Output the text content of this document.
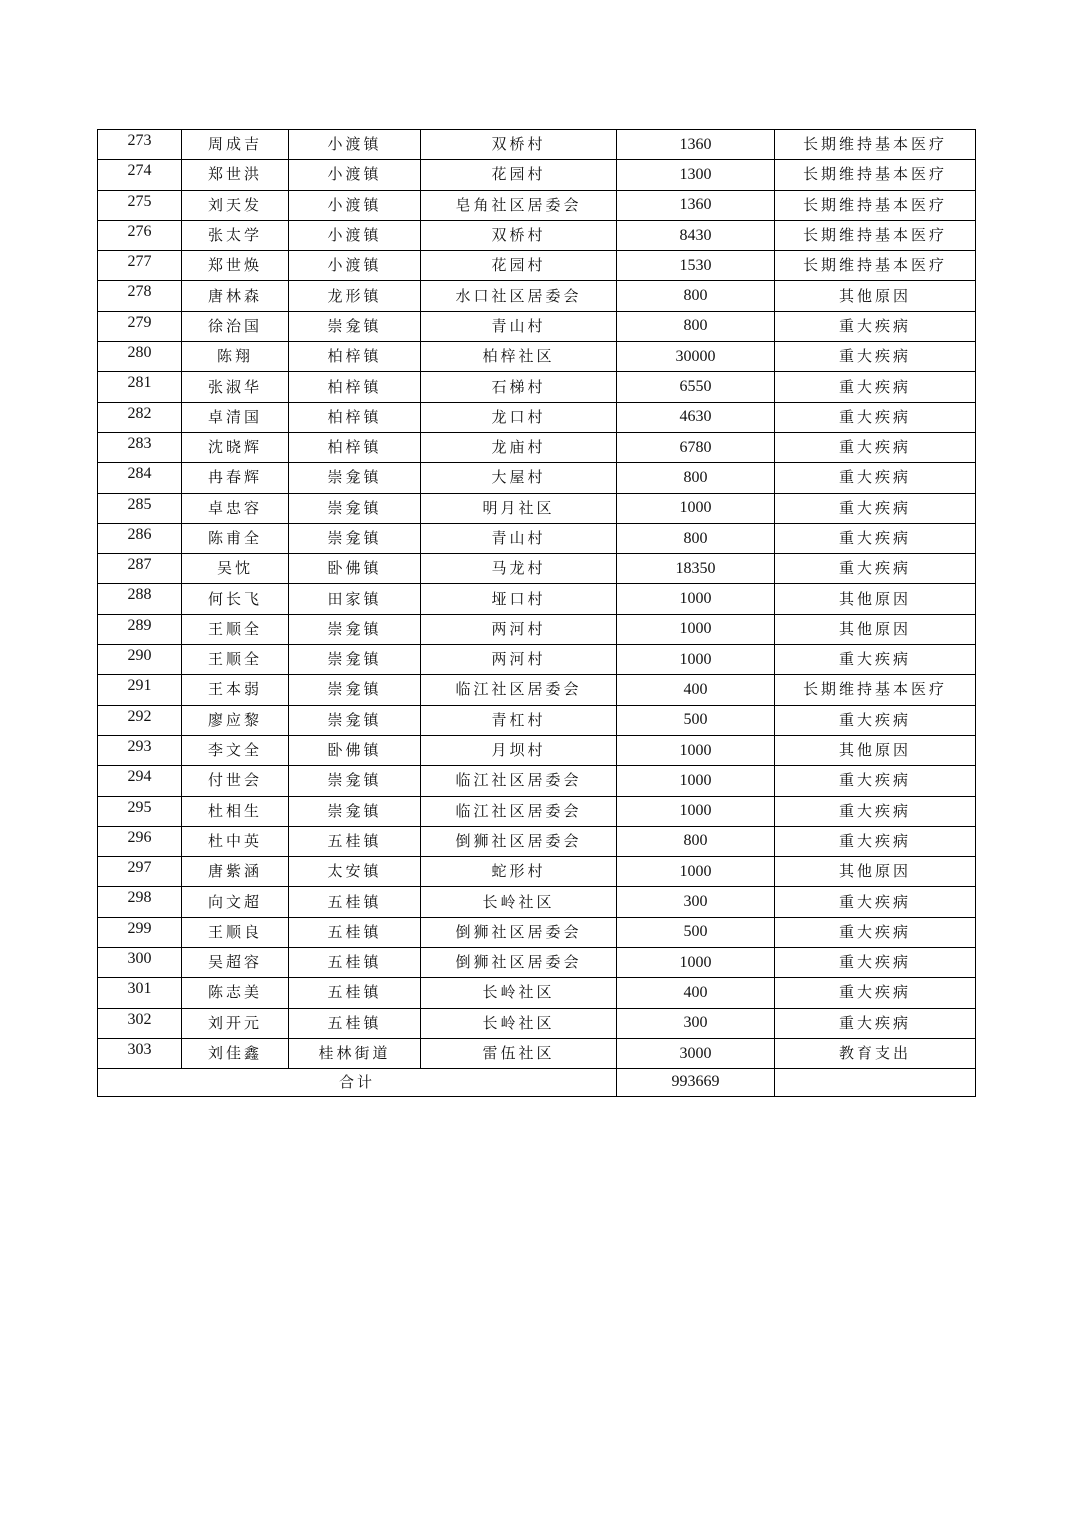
273	周成吉	小渡镇	双桥村	1360	长期维持基本医疗
274	郑世洪	小渡镇	花园村	1300	长期维持基本医疗
275	刘天发	小渡镇	皂角社区居委会	1360	长期维持基本医疗
276	张太学	小渡镇	双桥村	8430	长期维持基本医疗
277	郑世焕	小渡镇	花园村	1530	长期维持基本医疗
278	唐林森	龙形镇	水口社区居委会	800	其他原因
279	徐治国	崇龛镇	青山村	800	重大疾病
280	陈翔	柏梓镇	柏梓社区	30000	重大疾病
281	张淑华	柏梓镇	石梯村	6550	重大疾病
282	卓清国	柏梓镇	龙口村	4630	重大疾病
283	沈晓辉	柏梓镇	龙庙村	6780	重大疾病
284	冉春辉	崇龛镇	大屋村	800	重大疾病
285	卓忠容	崇龛镇	明月社区	1000	重大疾病
286	陈甫全	崇龛镇	青山村	800	重大疾病
287	吴忱	卧佛镇	马龙村	18350	重大疾病
288	何长飞	田家镇	垭口村	1000	其他原因
289	王顺全	崇龛镇	两河村	1000	其他原因
290	王顺全	崇龛镇	两河村	1000	重大疾病
291	王本弱	崇龛镇	临江社区居委会	400	长期维持基本医疗
292	廖应黎	崇龛镇	青杠村	500	重大疾病
293	李文全	卧佛镇	月坝村	1000	其他原因
294	付世会	崇龛镇	临江社区居委会	1000	重大疾病
295	杜相生	崇龛镇	临江社区居委会	1000	重大疾病
296	杜中英	五桂镇	倒狮社区居委会	800	重大疾病
297	唐紫涵	太安镇	蛇形村	1000	其他原因
298	向文超	五桂镇	长岭社区	300	重大疾病
299	王顺良	五桂镇	倒狮社区居委会	500	重大疾病
300	吴超容	五桂镇	倒狮社区居委会	1000	重大疾病
301	陈志美	五桂镇	长岭社区	400	重大疾病
302	刘开元	五桂镇	长岭社区	300	重大疾病
303	刘佳鑫	桂林街道	雷伍社区	3000	教育支出
合计				993669	
